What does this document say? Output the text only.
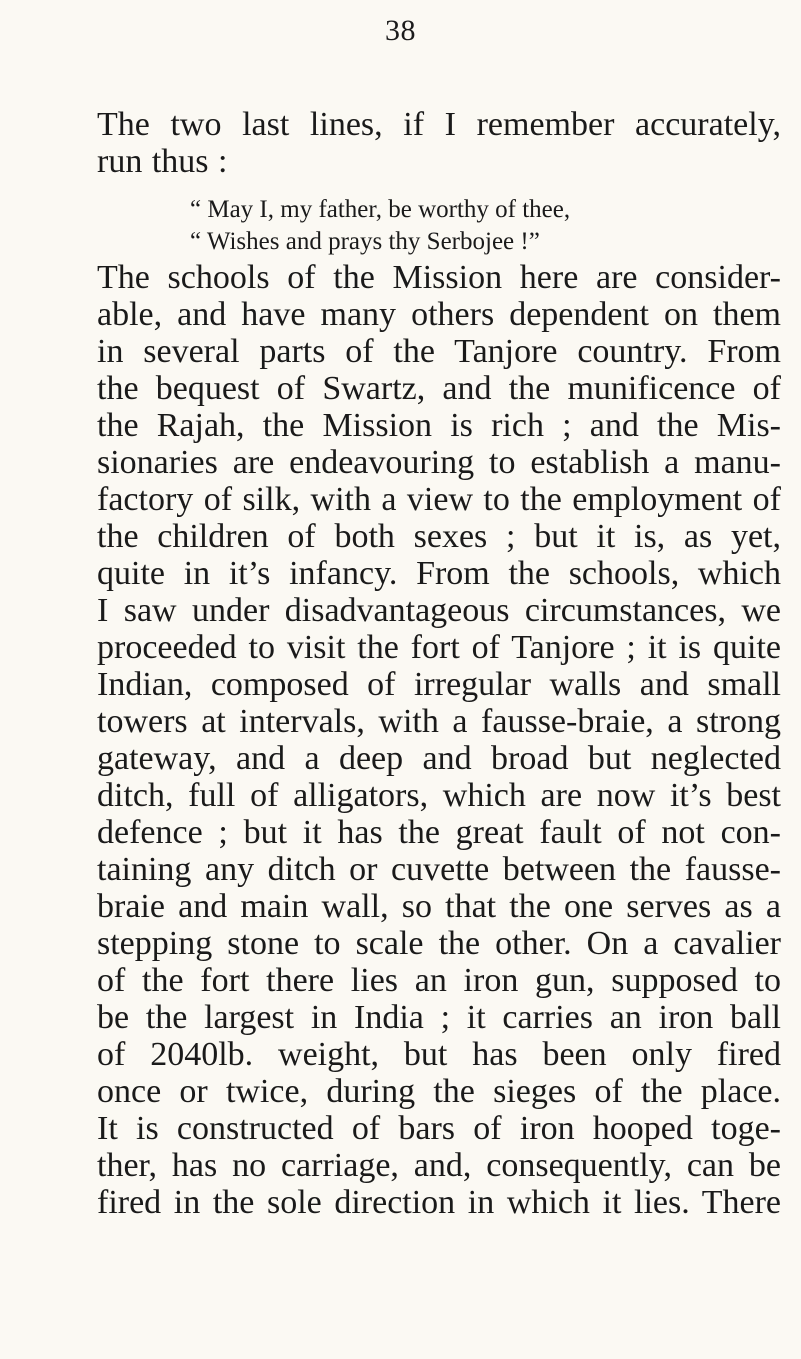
38
The two last lines, if I remember accurately,
run thus :
“ May I, my father, be worthy of thee,
“ Wishes and prays thy Serbojee !”
The schools of the Mission here are consider-
able, and have many others dependent on them
in several parts of the Tanjore country. From
the bequest of Swartz, and the munificence of
the Rajah, the Mission is rich ; and the Mis-
sionaries are endeavouring to establish a manu-
factory of silk, with a view to the employment of
the children of both sexes ; but it is, as yet,
quite in it’s infancy. From the schools, which
I saw under disadvantageous circumstances, we
proceeded to visit the fort of Tanjore ; it is quite
Indian, composed of irregular walls and small
towers at intervals, with a fausse-braie, a strong
gateway, and a deep and broad but neglected
ditch, full of alligators, which are now it’s best
defence ; but it has the great fault of not con-
taining any ditch or cuvette between the fausse-
braie and main wall, so that the one serves as a
stepping stone to scale the other. On a cavalier
of the fort there lies an iron gun, supposed to
be the largest in India ; it carries an iron ball
of 2040lb. weight, but has been only fired
once or twice, during the sieges of the place.
It is constructed of bars of iron hooped toge-
ther, has no carriage, and, consequently, can be
fired in the sole direction in which it lies. There
